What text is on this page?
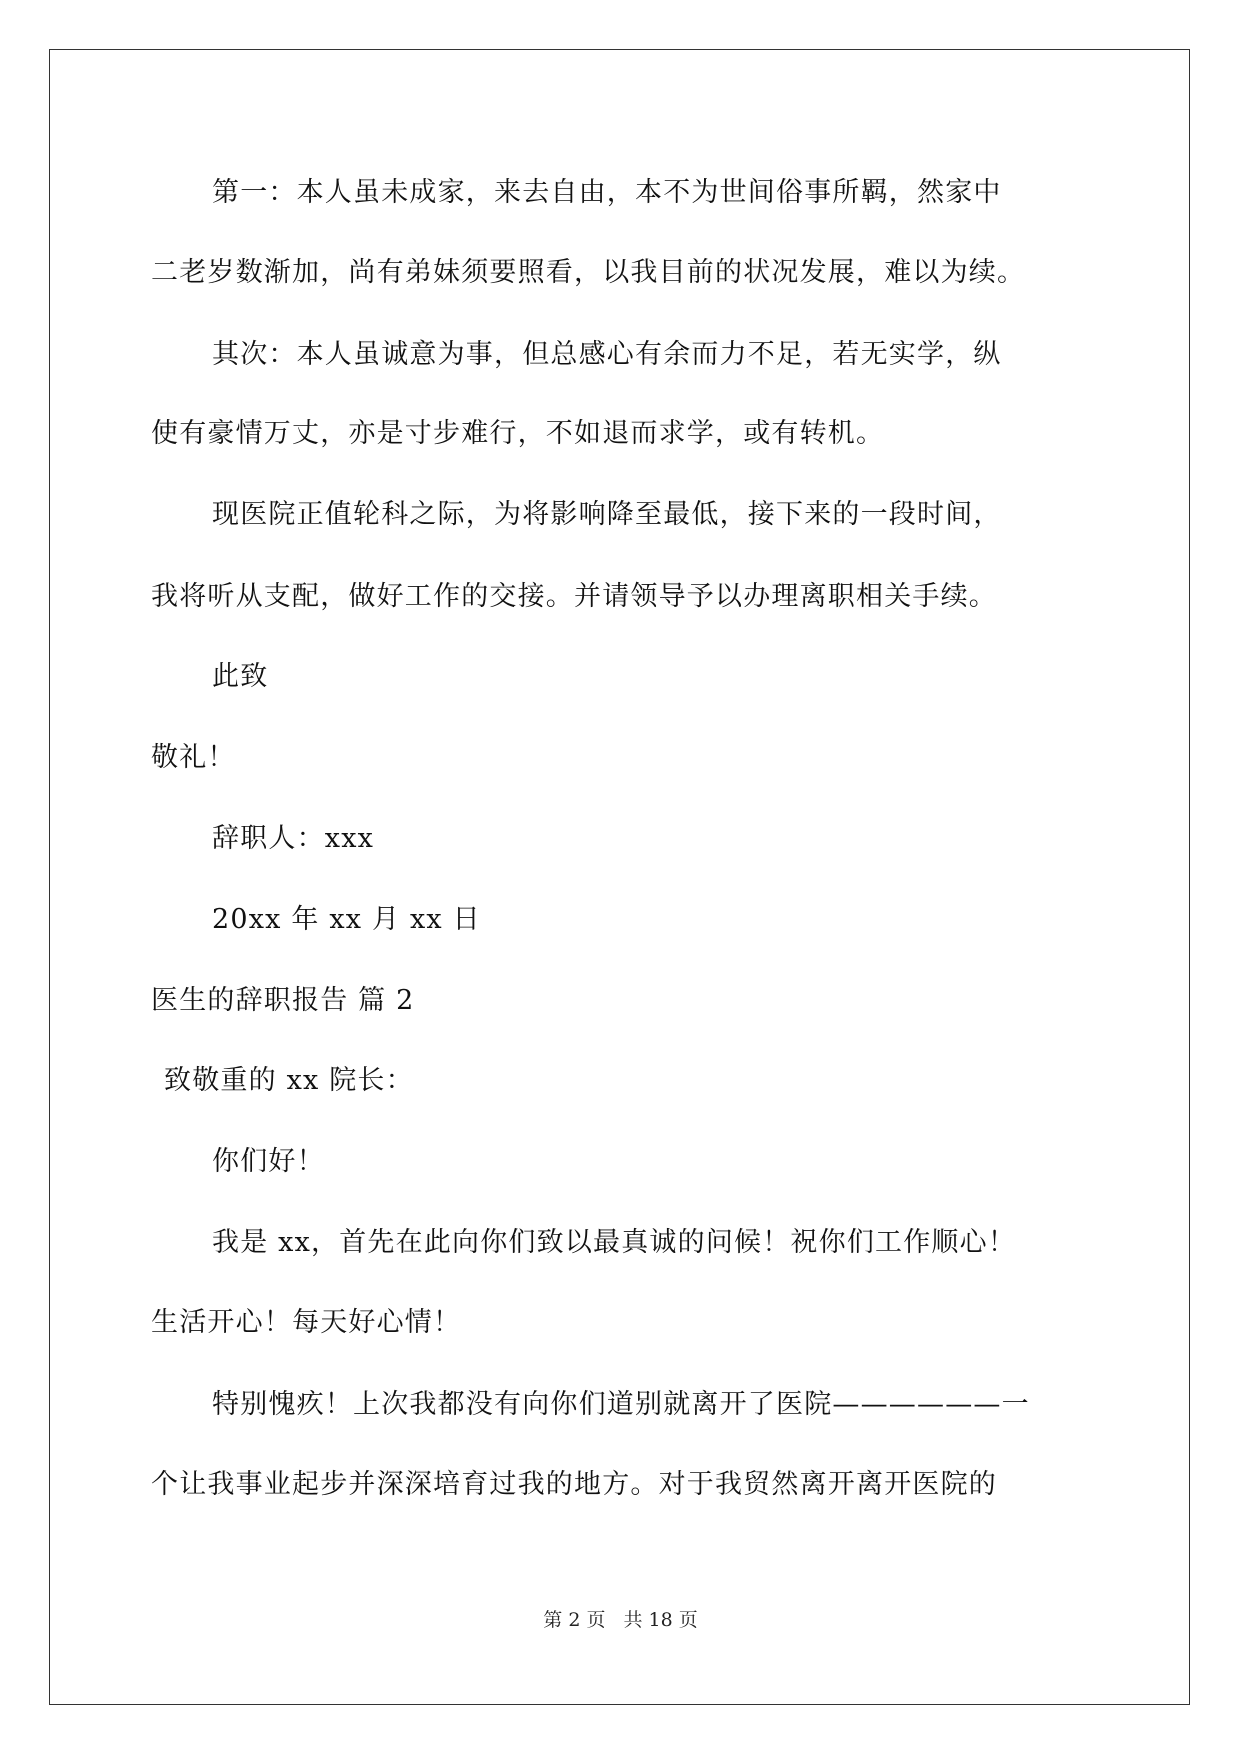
第一：本人虽未成家，来去自由，本不为世间俗事所羁，然家中
二老岁数渐加，尚有弟妹须要照看，以我目前的状况发展，难以为续。
其次：本人虽诚意为事，但总感心有余而力不足，若无实学，纵
使有豪情万丈，亦是寸步难行，不如退而求学，或有转机。
现医院正值轮科之际，为将影响降至最低，接下来的一段时间，
我将听从支配，做好工作的交接。并请领导予以办理离职相关手续。
此致
敬礼！
辞职人：xxx
20xx 年 xx 月 xx 日
医生的辞职报告 篇 2
致敬重的 xx 院长：
你们好！
我是 xx，首先在此向你们致以最真诚的问候！祝你们工作顺心！
生活开心！每天好心情！
特别愧疚！上次我都没有向你们道别就离开了医院——————一
个让我事业起步并深深培育过我的地方。对于我贸然离开离开医院的
第 2 页 共 18 页
